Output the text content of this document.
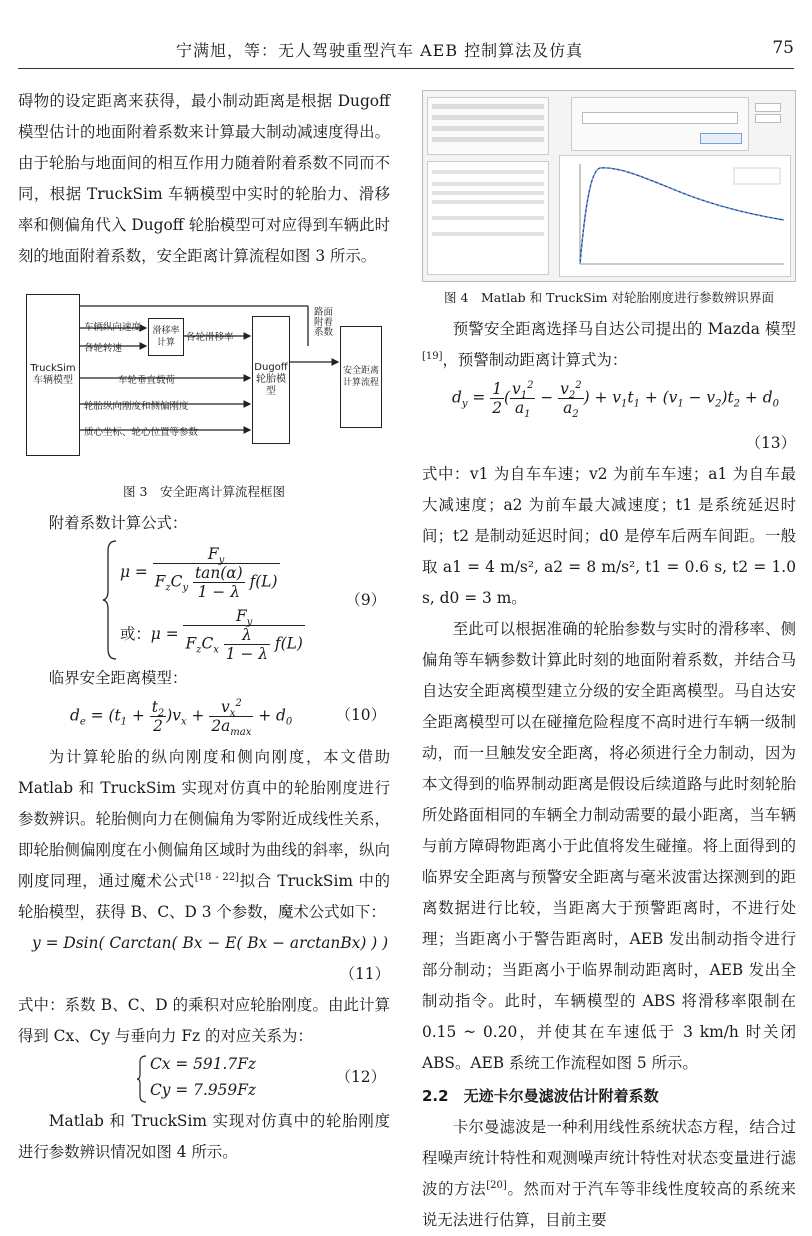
宁满旭，等：无人驾驶重型汽车 AEB 控制算法及仿真	75
碍物的设定距离来获得，最小制动距离是根据 Dugoff 模型估计的地面附着系数来计算最大制动减速度得出。由于轮胎与地面间的相互作用力随着附着系数不同而不同，根据 TruckSim 车辆模型中实时的轮胎力、滑移率和侧偏角代入 Dugoff 轮胎模型可对应得到车辆此时刻的地面附着系数，安全距离计算流程如图 3 所示。
TruckSim车辆模型
滑移率计算
Dugoff轮胎模型
安全距离计算流程
车辆纵向速度
各轮转速
各轮滑移率
路面附着系数
车轮垂直载荷
轮胎纵向刚度和侧偏刚度
质心坐标、轮心位置等参数
图 3　安全距离计算流程框图
附着系数计算公式：
$\mu = \frac{F_y}{F_zC_y \frac{\tan(\alpha)}{1 - \lambda} f(L)}$
或：$\mu = \frac{F_y}{F_zC_x \frac{\lambda}{1 - \lambda} f(L)}$
（9）
临界安全距离模型：
$d_e = (t_1 + \frac{t_2}{2} )v_x + \frac{v_x^2}{2a_{max}} + d_0$	（10）
为计算轮胎的纵向刚度和侧向刚度，本文借助 Matlab 和 TruckSim 实现对仿真中的轮胎刚度进行参数辨识。轮胎侧向力在侧偏角为零附近成线性关系，即轮胎侧偏刚度在小侧偏角区域时为曲线的斜率，纵向刚度同理，通过魔术公式[18 - 22]拟合 TruckSim 中的轮胎模型，获得 B、C、D 3 个参数，魔术公式如下：
y = Dsin( Carctan( Bx − E( Bx − arctanBx) ) )
（11）
式中：系数 B、C、D 的乘积对应轮胎刚度。由此计算得到 Cx、Cy 与垂向力 Fz 的对应关系为：
Cx = 591.7Fz
Cy = 7.959Fz
（12）
Matlab 和 TruckSim 实现对仿真中的轮胎刚度进行参数辨识情况如图 4 所示。
图 4　Matlab 和 TruckSim 对轮胎刚度进行参数辨识界面
预警安全距离选择马自达公司提出的 Mazda 模型[19]，预警制动距离计算式为：
$d_y = \frac{1}{2}$ ( $\frac{v_1^2}{a_1} - \frac{v_2^2}{a_2}$ ) + $v_1t_1 + (v_1 - v_2)t_2 + d_0$
（13）
式中：v1 为自车车速；v2 为前车车速；a1 为自车最大减速度；a2 为前车最大减速度；t1 是系统延迟时间；t2 是制动延迟时间；d0 是停车后两车间距。一般取 a1 = 4 m/s², a2 = 8 m/s², t1 = 0.6 s, t2 = 1.0 s, d0 = 3 m。
至此可以根据准确的轮胎参数与实时的滑移率、侧偏角等车辆参数计算此时刻的地面附着系数，并结合马自达安全距离模型建立分级的安全距离模型。马自达安全距离模型可以在碰撞危险程度不高时进行车辆一级制动，而一旦触发安全距离，将必须进行全力制动，因为本文得到的临界制动距离是假设后续道路与此时刻轮胎所处路面相同的车辆全力制动需要的最小距离，当车辆与前方障碍物距离小于此值将发生碰撞。将上面得到的临界安全距离与预警安全距离与毫米波雷达探测到的距离数据进行比较，当距离大于预警距离时，不进行处理；当距离小于警告距离时，AEB 发出制动指令进行部分制动；当距离小于临界制动距离时，AEB 发出全制动指令。此时，车辆模型的 ABS 将滑移率限制在 0.15 ~ 0.20，并使其在车速低于 3 km/h 时关闭 ABS。AEB 系统工作流程如图 5 所示。
2.2　无迹卡尔曼滤波估计附着系数
卡尔曼滤波是一种利用线性系统状态方程，结合过程噪声统计特性和观测噪声统计特性对状态变量进行滤波的方法[20]。然而对于汽车等非线性度较高的系统来说无法进行估算，目前主要
